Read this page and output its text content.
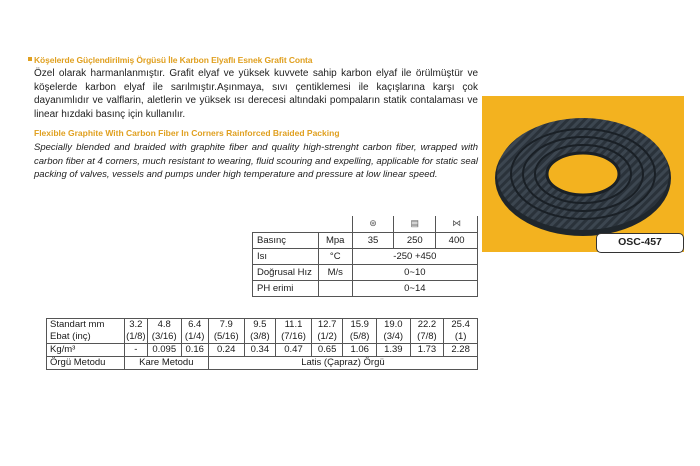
Köşelerde Güçlendirilmiş Örgüsü İle Karbon Elyaflı Esnek Grafit Conta

Özel olarak harmanlanmıştır. Grafit elyaf ve yüksek kuvvete sahip karbon elyaf ile örülmüştür ve köşelerde karbon elyaf ile sarılmıştır.Aşınmaya, sıvı çentiklemesi ile kaçışlarına karşı çok dayanımlıdır ve valflarin, aletlerin ve yüksek ısı derecesi altındaki pompaların statik contalaması ve linear hızdaki basınç için kullanılır.

Flexible Graphite With Carbon Fiber In Corners Rainforced Braided Packing

Specially blended and braided with graphite fiber and quality high-strenght carbon fiber, wrapped with carbon fiber at 4 corners, much resistant to wearing, fluid scouring and expelling, applicable for static seal packing of valves, vessels and pumps under high temperature and pressure at low linear speed.

OSC-457
		⊛	▤	⋈
Basınç	Mpa	35	250	400
Isı	°C	-250 +450		
Doğrusal Hız	M/s	0~10		
PH erimi		0~14		
Standart mm	3.2	4.8	6.4	7.9	9.5	11.1	12.7	15.9	19.0	22.2	25.4
Ebat (inç)	(1/8)	(3/16)	(1/4)	(5/16)	(3/8)	(7/16)	(1/2)	(5/8)	(3/4)	(7/8)	(1)
Kg/m³	-	0.095	0.16	0.24	0.34	0.47	0.65	1.06	1.39	1.73	2.28
Örgü Metodu	Kare Metodu			Latis (Çapraz) Örgü							
